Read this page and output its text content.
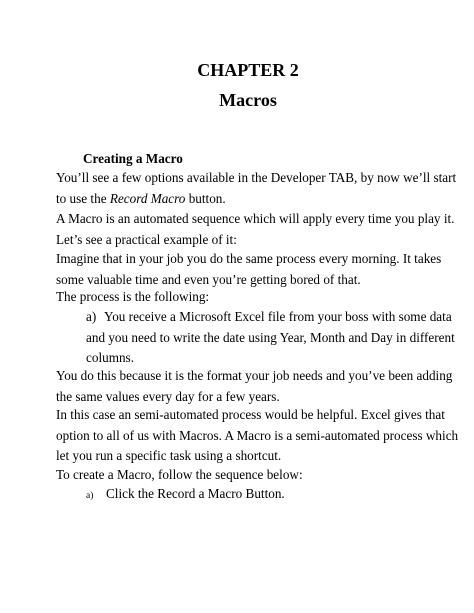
CHAPTER 2
Macros
Creating a Macro

You’ll see a few options available in the Developer TAB, by now we’ll start
to use the Record Macro button.

A Macro is an automated sequence which will apply every time you play it.
Let’s see a practical example of it:

Imagine that in your job you do the same process every morning. It takes
some valuable time and even you’re getting bored of that.

The process is the following:

a) You receive a Microsoft Excel file from your boss with some data
and you need to write the date using Year, Month and Day in different
columns.

You do this because it is the format your job needs and you’ve been adding
the same values every day for a few years.

In this case an semi-automated process would be helpful. Excel gives that
option to all of us with Macros. A Macro is a semi-automated process which
let you run a specific task using a shortcut.

To create a Macro, follow the sequence below:

a) Click the Record a Macro Button.
